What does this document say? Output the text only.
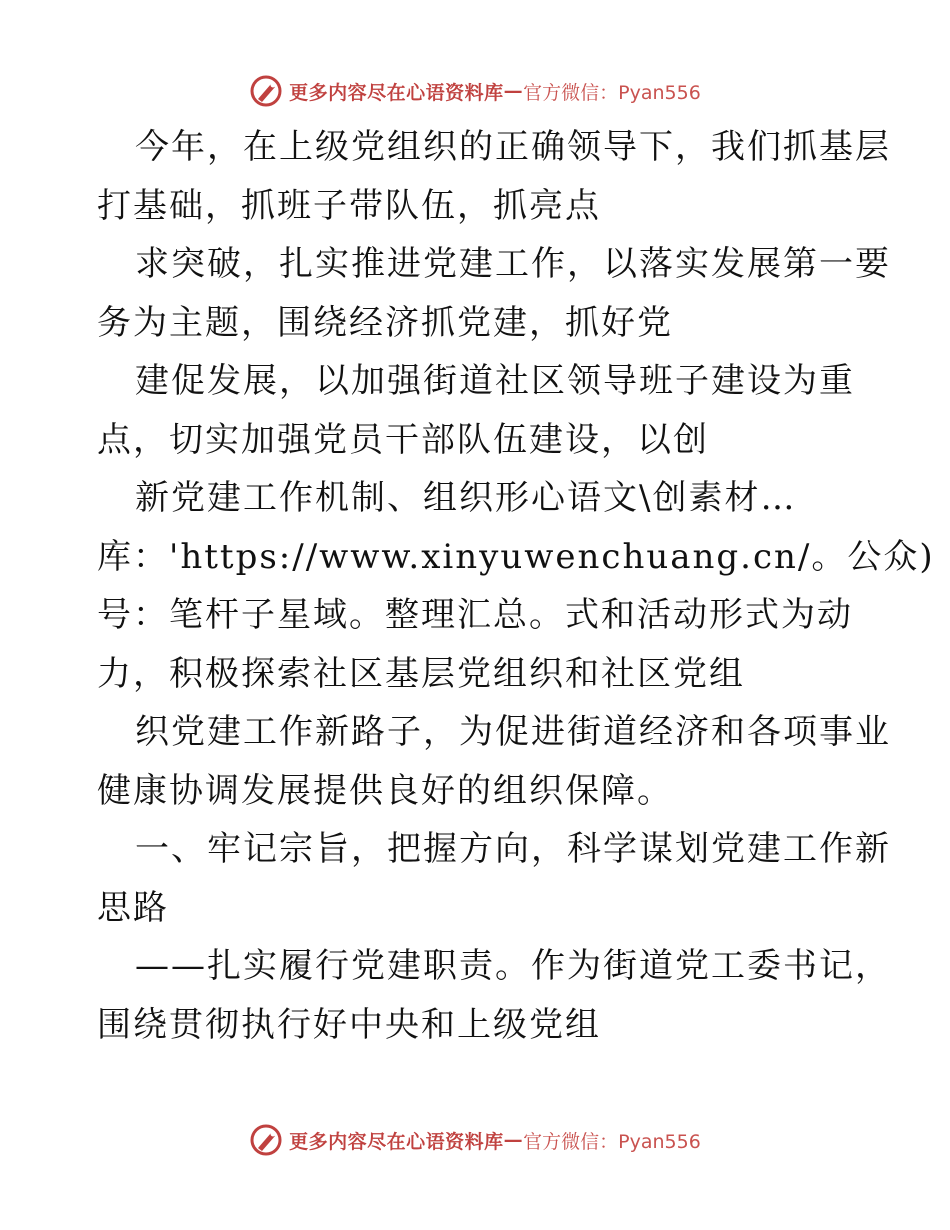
更多内容尽在心语资料库 — 官方微信：Pyan556
今年，在上级党组织的正确领导下，我们抓基层
打基础，抓班子带队伍，抓亮点
求突破，扎实推进党建工作，以落实发展第一要
务为主题，围绕经济抓党建，抓好党
建促发展，以加强街道社区领导班子建设为重
点，切实加强党员干部队伍建设，以创
新党建工作机制、组织形心语文\创素材…
库：'https://www.xinyuwenchuang.cn/。公众)
号：笔杆子星域。整理汇总。式和活动形式为动
力，积极探索社区基层党组织和社区党组
织党建工作新路子，为促进街道经济和各项事业
健康协调发展提供良好的组织保障。
一、牢记宗旨，把握方向，科学谋划党建工作新
思路
——扎实履行党建职责。作为街道党工委书记，
围绕贯彻执行好中央和上级党组
更多内容尽在心语资料库 — 官方微信：Pyan556
